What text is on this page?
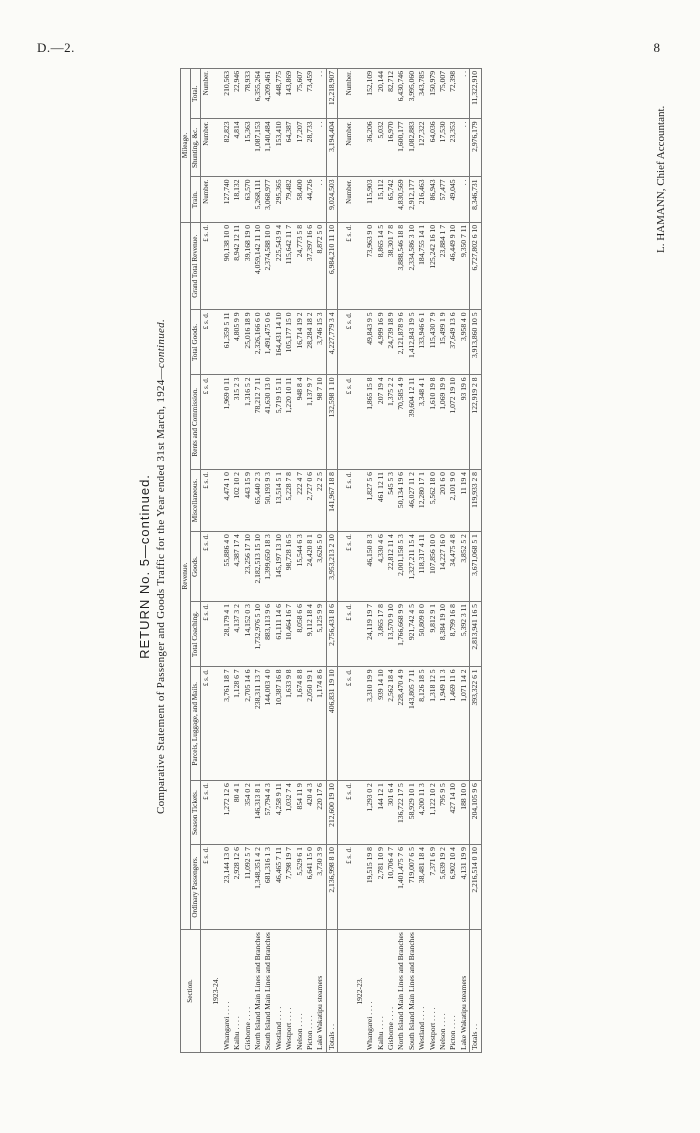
D.—2.	8
RETURN No. 5—continued. Comparative Statement of Passenger and Goods Traffic for the Year ended 31st March, 1924—continued.
Section.	Revenue.									Mileage.		
	Ordinary Passengers.	Season Tickets.	Parcels, Luggage, and Mails.	Total Coaching.	Goods.	Miscellaneous.	Rents and Commission.	Total Goods.	Grand Total Revenue.	Train.	Shunting, &c.	Total.
	£ s. d.	£ s. d.	£ s. d.	£ s. d.	£ s. d.	£ s. d.	£ s. d.	£ s. d.	£ s. d.	Number.	Number.	Number.
1923-24.												
Whangarei . . . .	23,144 13 0	1,272 12 6	3,761 18 7	28,179 4 1	55,886 4 0	4,474 1 0	1,969 0 11	61,359 5 11	90,138 10 0	127,740	82,823	210,563
Kaihu . . . .	2,928 12 6	80 4 1	1,128 6 7	4,137 3 2	4,387 17 4	102 10 2	315 2 3	4,805 9 9	8,942 12 11	18,132	4,814	22,946
Gisborne . . . .	11,092 5 7	354 0 2	2,705 14 6	14,152 0 3	23,256 17 10	443 15 9	1,316 5 2	25,016 18 9	39,168 19 0	63,570	15,363	78,933
North Island Main Lines and Branches	1,348,351 4 2	146,313 8 1	238,311 13 7	1,732,976 5 10	2,182,513 15 10	65,440 2 3	78,212 7 11	2,326,166 6 0	4,059,142 11 10	5,268,111	1,087,153	6,355,264
South Island Main Lines and Branches	681,316 1 3	57,794 4 3	144,003 4 0	883,113 9 6	1,399,650 18 3	50,193 9 3	41,630 13 0	1,491,475 0 6	2,374,588 10 0	3,068,977	1,140,484	4,209,461
Westland . . . .	46,465 7 11	4,258 9 11	10,387 16 8	61,111 14 6	145,197 13 10	13,514 5 1	5,719 15 11	164,431 14 10	225,543 9 4	295,365	153,410	448,775
Westport . . . .	7,798 19 7	1,032 7 4	1,633 9 8	10,464 16 7	98,728 16 5	5,228 7 8	1,220 10 11	105,177 15 0	115,642 11 7	79,482	64,387	143,869
Nelson . . . .	5,529 6 1	854 11 9	1,674 8 8	8,058 6 6	15,544 6 3	222 4 7	948 8 4	16,714 19 2	24,773 5 8	58,400	17,207	75,607
Picton . . . .	6,641 15 0	420 4 3	2,050 19 1	9,112 18 4	24,420 8 1	2,727 0 6	1,137 9 7	28,284 18 2	37,397 16 6	44,726	28,733	73,459
Lake Wakatipu steamers	3,730 3 9	220 17 6	1,174 8 6	5,125 9 9	3,626 5 0	22 2 5	98 7 10	3,746 15 3	8,872 5 0	. .	. .	. .
Totals . .	2,136,998 8 10	212,600 19 10	406,831 19 10	2,756,431 8 6	3,953,213 2 10	141,967 18 8	132,598 1 10	4,227,779 3 4	6,984,210 11 10	9,024,503	3,194,404	12,218,907

	£ s. d.	£ s. d.	£ s. d.	£ s. d.	£ s. d.	£ s. d.	£ s. d.	£ s. d.	£ s. d.	Number.	Number.	Number.
1922-23.												
Whangarei . . . .	19,515 19 8	1,293 0 2	3,310 19 9	24,119 19 7	46,150 8 3	1,827 5 6	1,865 15 8	49,843 9 5	73,963 9 0	115,903	36,206	152,109
Kaihu . . . .	2,781 10 9	144 12 1	939 14 10	3,865 17 8	4,330 4 6	461 12 11	207 19 4	4,999 16 9	8,865 14 5	15,112	5,032	20,144
Gisborne . . . .	10,706 4 7	301 6 4	2,562 18 4	13,570 9 10	22,812 11 4	545 5 3	1,375 2 2	24,739 18 9	38,301 7 8	65,742	16,970	82,712
North Island Main Lines and Branches	1,401,475 7 6	136,722 17 5	228,470 4 9	1,766,668 9 9	2,001,158 5 3	50,134 19 6	70,585 4 9	2,121,878 9 6	3,888,546 18 8	4,830,569	1,600,177	6,430,746
South Island Main Lines and Branches	719,007 6 5	58,929 10 1	143,805 7 11	921,742 4 5	1,327,211 15 4	46,027 11 2	39,604 12 11	1,412,843 19 5	2,334,586 3 10	2,912,177	1,082,883	3,995,060
Westland . . . .	38,481 18 4	4,200 11 3	8,126 18 5	50,809 8 0	118,317 4 11	12,280 17 1	3,348 4 1	133,946 6 1	184,755 14 1	216,463	127,322	343,785
Westport . . . .	7,371 6 9	1,122 10 2	1,318 12 5	9,812 9 1	107,856 10 0	5,562 18 0	1,610 19 8	115,430 7 9	125,242 16 10	86,943	64,036	150,979
Nelson . . . .	5,639 19 2	795 9 5	1,949 11 3	8,384 19 10	14,227 16 0	201 6 0	1,069 19 9	15,499 1 9	23,884 1 7	57,477	17,530	75,007
Picton . . . .	6,902 10 4	427 14 10	1,469 11 6	8,799 16 8	34,475 4 8	2,101 9 0	1,072 19 10	37,649 13 6	46,449 9 10	49,045	23,353	72,398
Lake Wakatipu steamers	4,131 19 9	188 10 0	1,071 14 2	5,392 3 11	3,852 5 2	11 19 4	93 19 6	3,958 4 0	9,350 7 11	. .	. .	. .
Totals . .	2,216,514 0 10	204,105 9 6	393,322 6 1	2,813,941 16 5	3,671,068 5 1	119,933 2 8	122,919 2 8	3,913,860 10 5	6,727,802 6 10	8,346,731	2,976,179	11,322,910
L. HAMANN, Chief Accountant.
